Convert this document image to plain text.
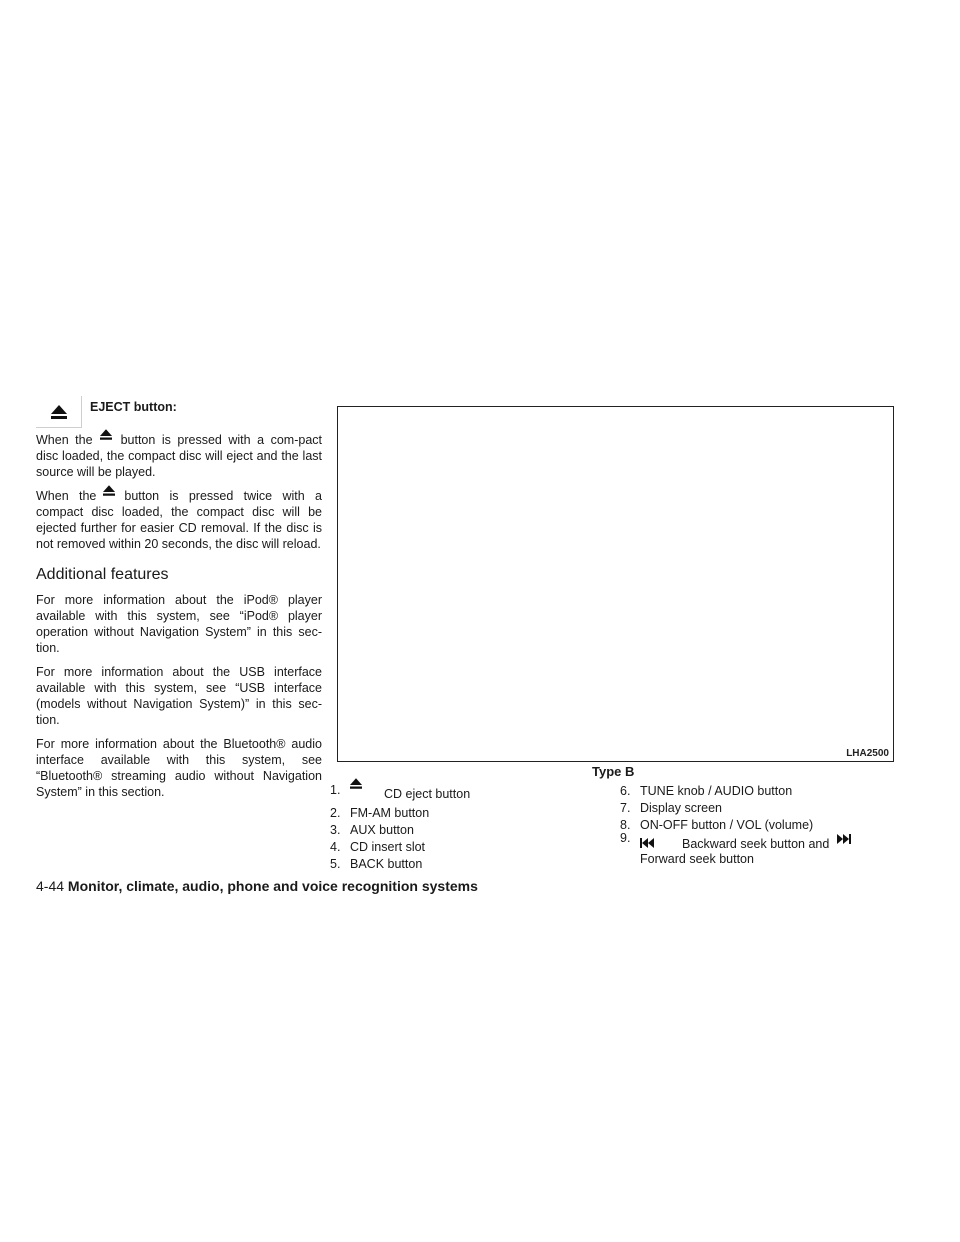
EJECT button:

When the button is pressed with a com-pact disc loaded, the compact disc will eject and the last source will be played.

When the button is pressed twice with a compact disc loaded, the compact disc will be ejected further for easier CD removal. If the disc is not removed within 20 seconds, the disc will reload.

Additional features

For more information about the iPod® player available with this system, see “iPod® player operation without Navigation System” in this sec-tion.

For more information about the USB interface available with this system, see “USB interface (models without Navigation System)” in this sec-tion.

For more information about the Bluetooth® audio interface available with this system, see “Bluetooth® streaming audio without Navigation System” in this section.

LHA2500
Type B
1.	CD eject button
2. FM-AM button
3. AUX button
4. CD insert slot
5. BACK button
6. TUNE knob / AUDIO button
7. Display screen
8. ON-OFF button / VOL (volume)
9.	Backward seek button and
Forward seek button
4-44 Monitor, climate, audio, phone and voice recognition systems
